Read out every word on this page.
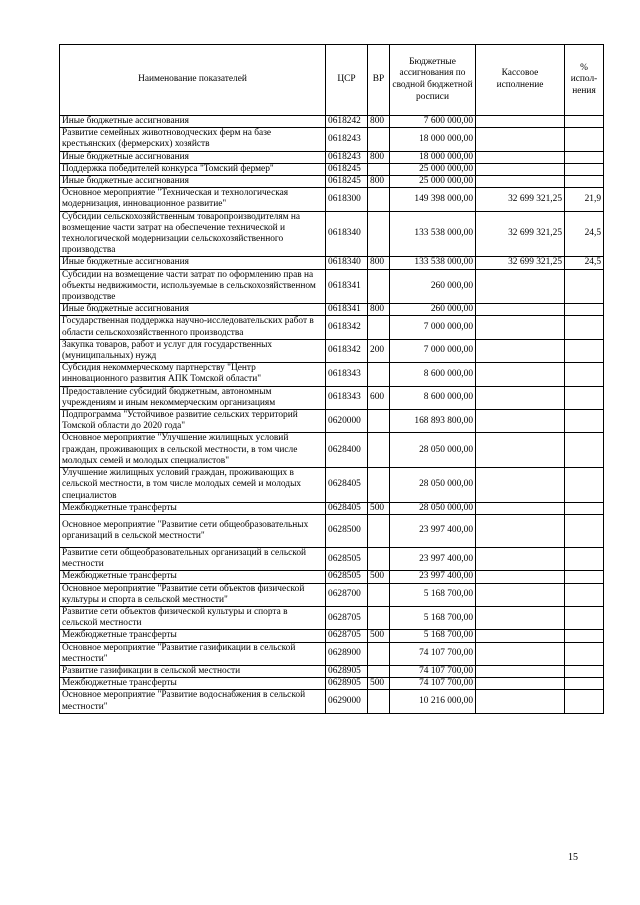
Наименование показателей	ЦСР	ВР	Бюджетные ассигнования по сводной бюджетной росписи	Кассовое исполнение	% испол-нения
Иные бюджетные ассигнования	0618242	800	7 600 000,00		
Развитие семейных животноводческих ферм на базе крестьянских (фермерских) хозяйств	0618243		18 000 000,00		
Иные бюджетные ассигнования	0618243	800	18 000 000,00		
Поддержка победителей конкурса "Томский фермер"	0618245		25 000 000,00		
Иные бюджетные ассигнования	0618245	800	25 000 000,00		
Основное мероприятие "Техническая и технологическая модернизация, инновационное развитие"	0618300		149 398 000,00	32 699 321,25	21,9
Субсидии сельскохозяйственным товаропроизводителям на возмещение части затрат на обеспечение технической и технологической модернизации сельскохозяйственного производства	0618340		133 538 000,00	32 699 321,25	24,5
Иные бюджетные ассигнования	0618340	800	133 538 000,00	32 699 321,25	24,5
Субсидии на возмещение части затрат по оформлению прав на объекты недвижимости, используемые в сельскохозяйственном производстве	0618341		260 000,00		
Иные бюджетные ассигнования	0618341	800	260 000,00		
Государственная поддержка научно-исследовательских работ в области сельскохозяйственного производства	0618342		7 000 000,00		
Закупка товаров, работ и услуг для государственных (муниципальных) нужд	0618342	200	7 000 000,00		
Субсидия некоммерческому партнерству "Центр инновационного развития АПК Томской области"	0618343		8 600 000,00		
Предоставление субсидий бюджетным, автономным учреждениям и иным некоммерческим организациям	0618343	600	8 600 000,00		
Подпрограмма "Устойчивое развитие сельских территорий Томской области до 2020 года"	0620000		168 893 800,00		
Основное мероприятие "Улучшение жилищных условий граждан, проживающих в сельской местности, в том числе молодых семей и молодых специалистов"	0628400		28 050 000,00		
Улучшение жилищных условий граждан, проживающих в сельской местности, в том числе молодых семей и молодых специалистов	0628405		28 050 000,00		
Межбюджетные трансферты	0628405	500	28 050 000,00		
Основное мероприятие "Развитие сети общеобразовательных организаций в сельской местности"	0628500		23 997 400,00		
Развитие сети общеобразовательных организаций в сельской местности	0628505		23 997 400,00		
Межбюджетные трансферты	0628505	500	23 997 400,00		
Основное мероприятие "Развитие сети объектов физической культуры и спорта в сельской местности"	0628700		5 168 700,00		
Развитие сети объектов физической культуры и спорта в сельской местности	0628705		5 168 700,00		
Межбюджетные трансферты	0628705	500	5 168 700,00		
Основное мероприятие "Развитие газификации в сельской местности"	0628900		74 107 700,00		
Развитие газификации в сельской местности	0628905		74 107 700,00		
Межбюджетные трансферты	0628905	500	74 107 700,00		
Основное мероприятие "Развитие водоснабжения в сельской местности"	0629000		10 216 000,00		
15
